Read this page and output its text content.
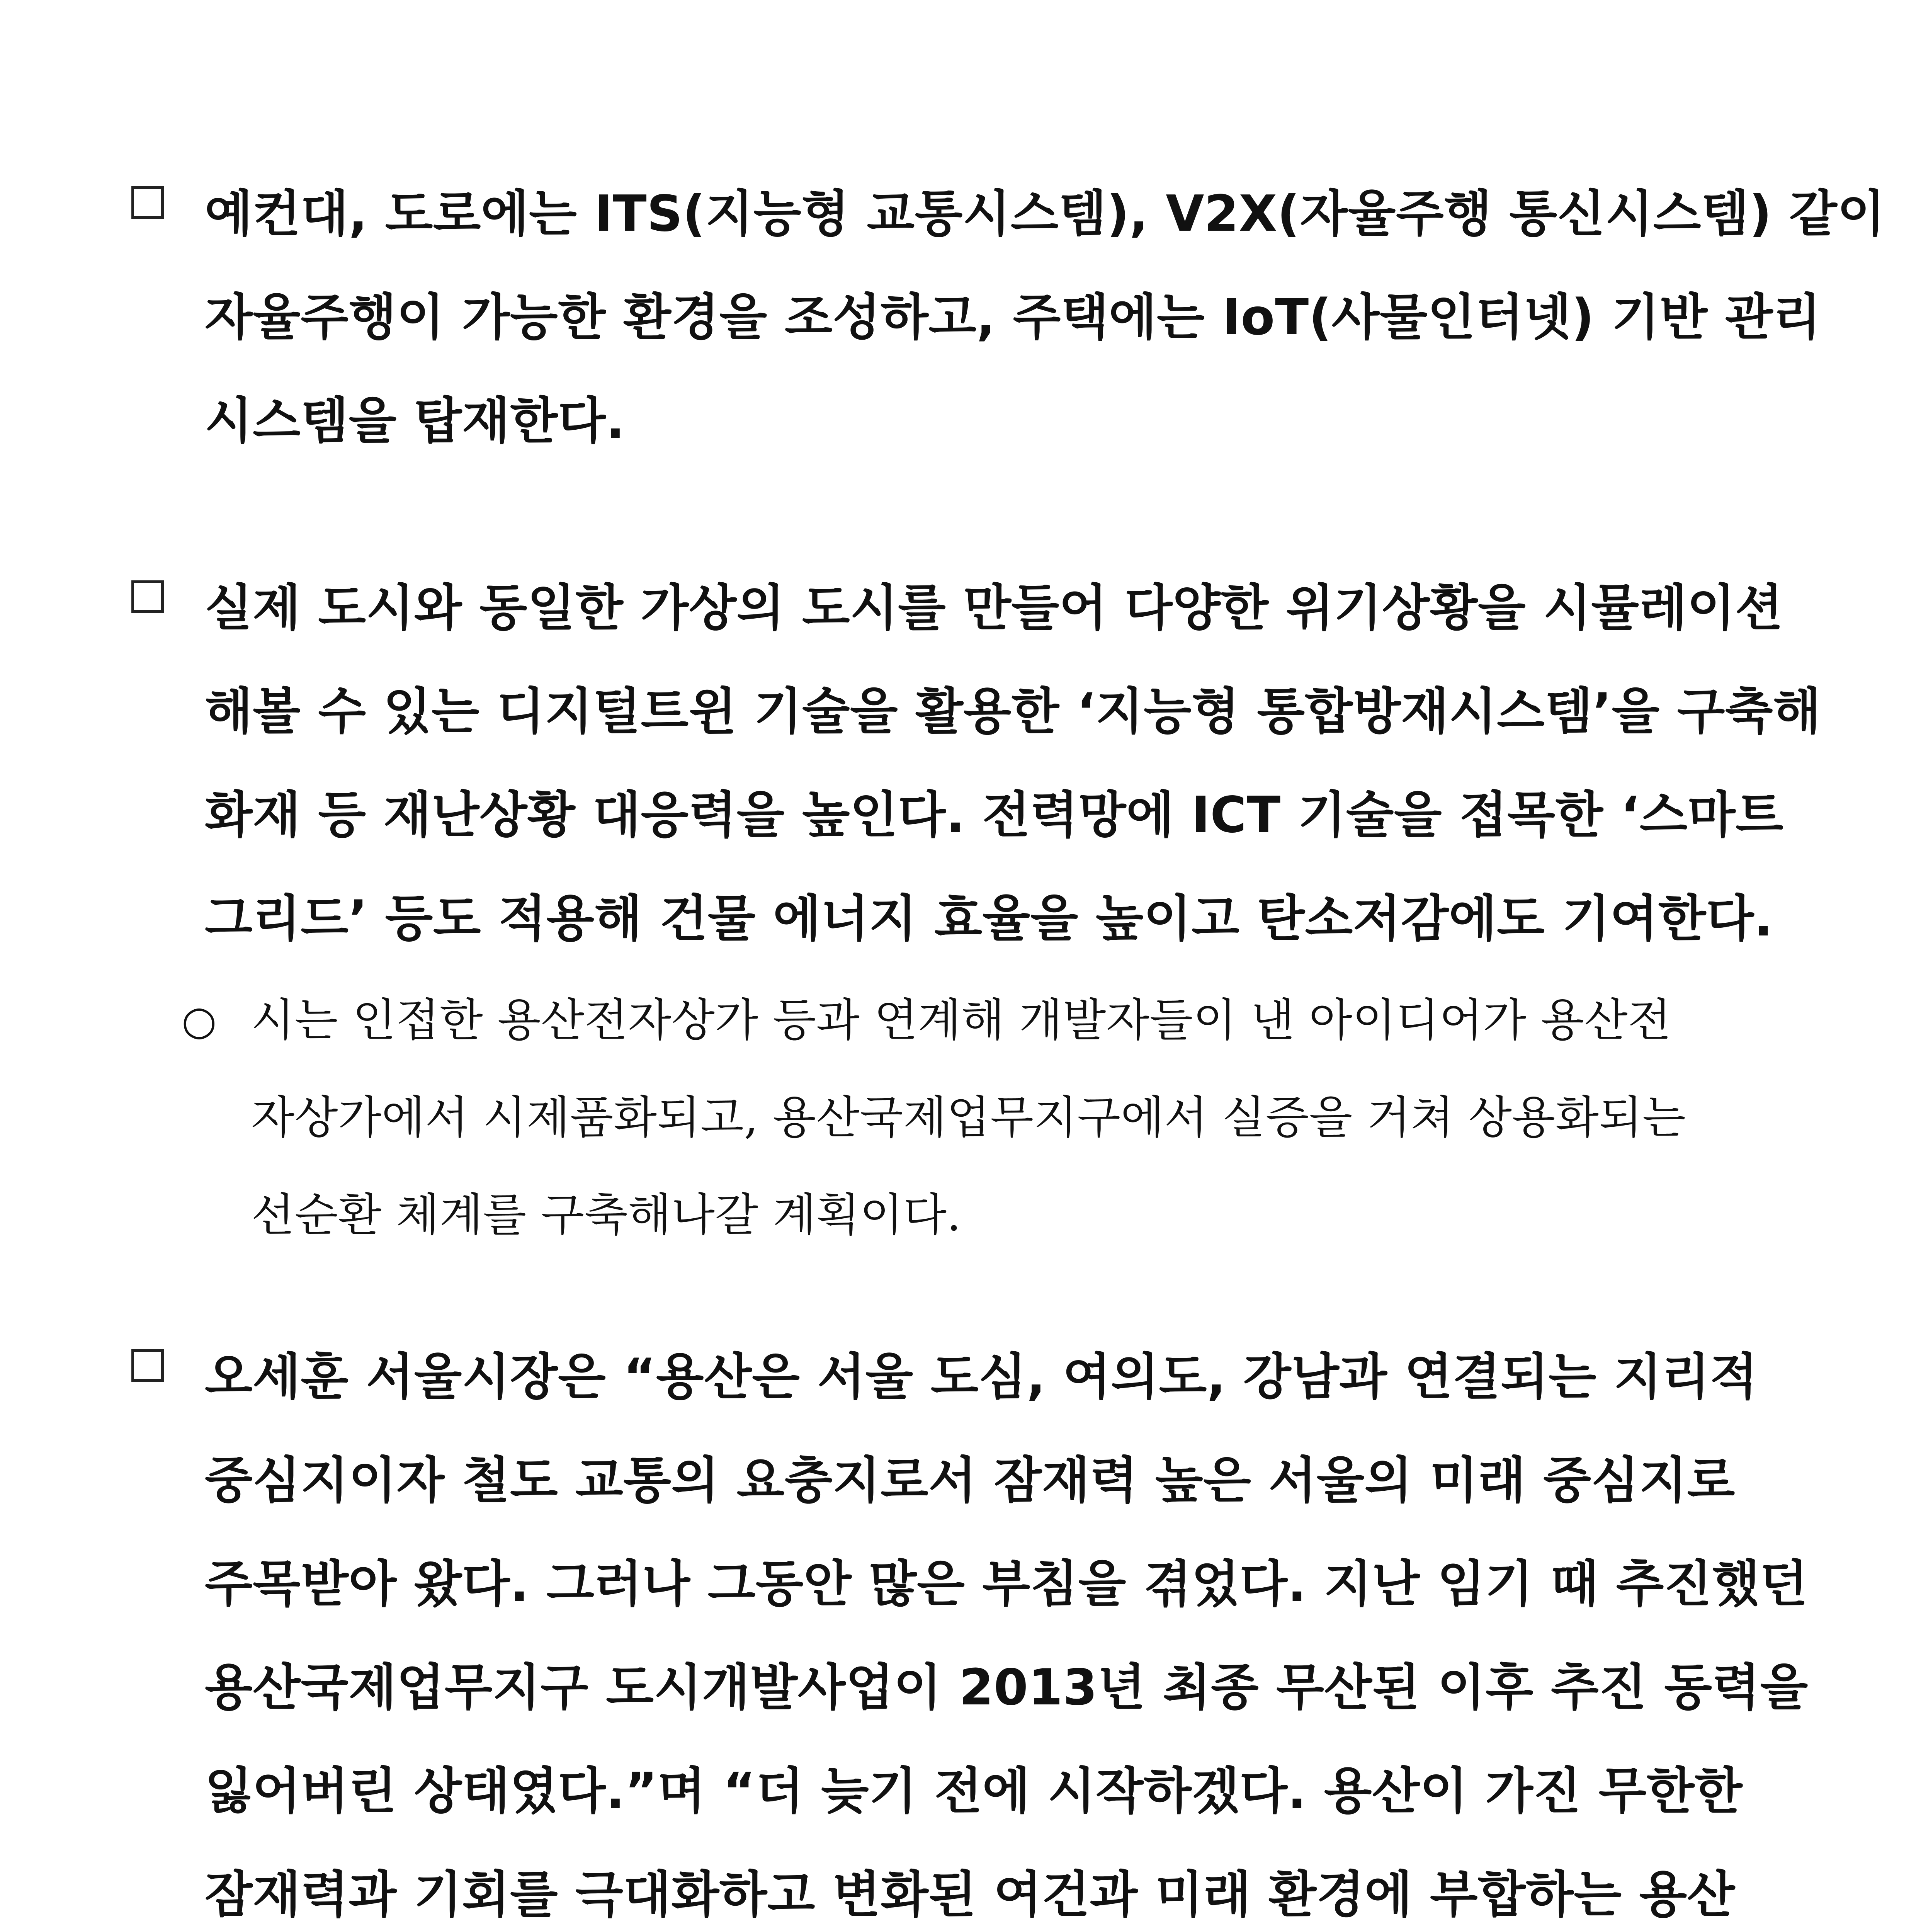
예컨대, 도로에는 ITS(지능형 교통시스템), V2X(자율주행 통신시스템) 같이
자율주행이 가능한 환경을 조성하고, 주택에는 IoT(사물인터넷) 기반 관리
시스템을 탑재한다.
실제 도시와 동일한 가상의 도시를 만들어 다양한 위기상황을 시뮬레이션
해볼 수 있는 디지털트윈 기술을 활용한 ‘지능형 통합방재시스템’을 구축해
화재 등 재난상황 대응력을 높인다. 전력망에 ICT 기술을 접목한 ‘스마트
그리드’ 등도 적용해 건물 에너지 효율을 높이고 탄소저감에도 기여한다.
○ 시는 인접한 용산전자상가 등과 연계해 개발자들이 낸 아이디어가 용산전
자상가에서 시제품화되고, 용산국제업무지구에서 실증을 거쳐 상용화되는
선순환 체계를 구축해나갈 계획이다.
오세훈 서울시장은 “용산은 서울 도심, 여의도, 강남과 연결되는 지리적
중심지이자 철도 교통의 요충지로서 잠재력 높은 서울의 미래 중심지로
주목받아 왔다. 그러나 그동안 많은 부침을 겪었다. 지난 임기 때 추진했던
용산국제업무지구 도시개발사업이 2013년 최종 무산된 이후 추진 동력을
잃어버린 상태였다.”며 “더 늦기 전에 시작하겠다. 용산이 가진 무한한
잠재력과 기회를 극대화하고 변화된 여건과 미래 환경에 부합하는 용산
